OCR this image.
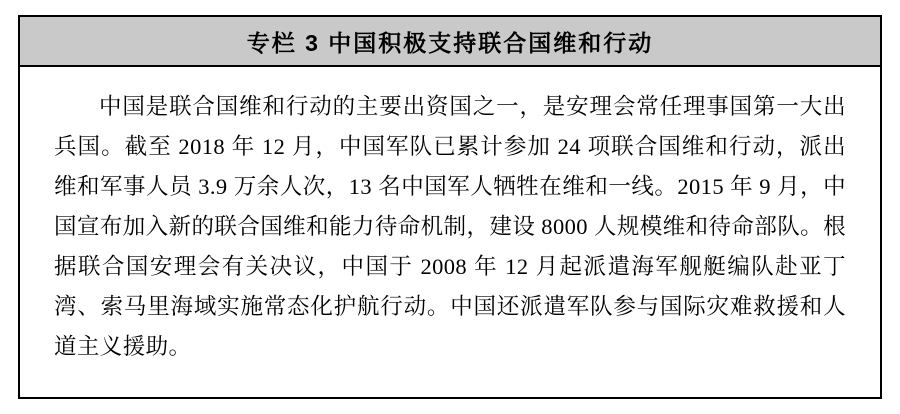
专栏 3 中国积极支持联合国维和行动

中国是联合国维和行动的主要出资国之一，是安理会常任理事国第一大出兵国。截至 2018 年 12 月，中国军队已累计参加 24 项联合国维和行动，派出维和军事人员 3.9 万余人次，13 名中国军人牺牲在维和一线。2015 年 9 月，中国宣布加入新的联合国维和能力待命机制，建设 8000 人规模维和待命部队。根据联合国安理会有关决议，中国于 2008 年 12 月起派遣海军舰艇编队赴亚丁湾、索马里海域实施常态化护航行动。中国还派遣军队参与国际灾难救援和人道主义援助。
